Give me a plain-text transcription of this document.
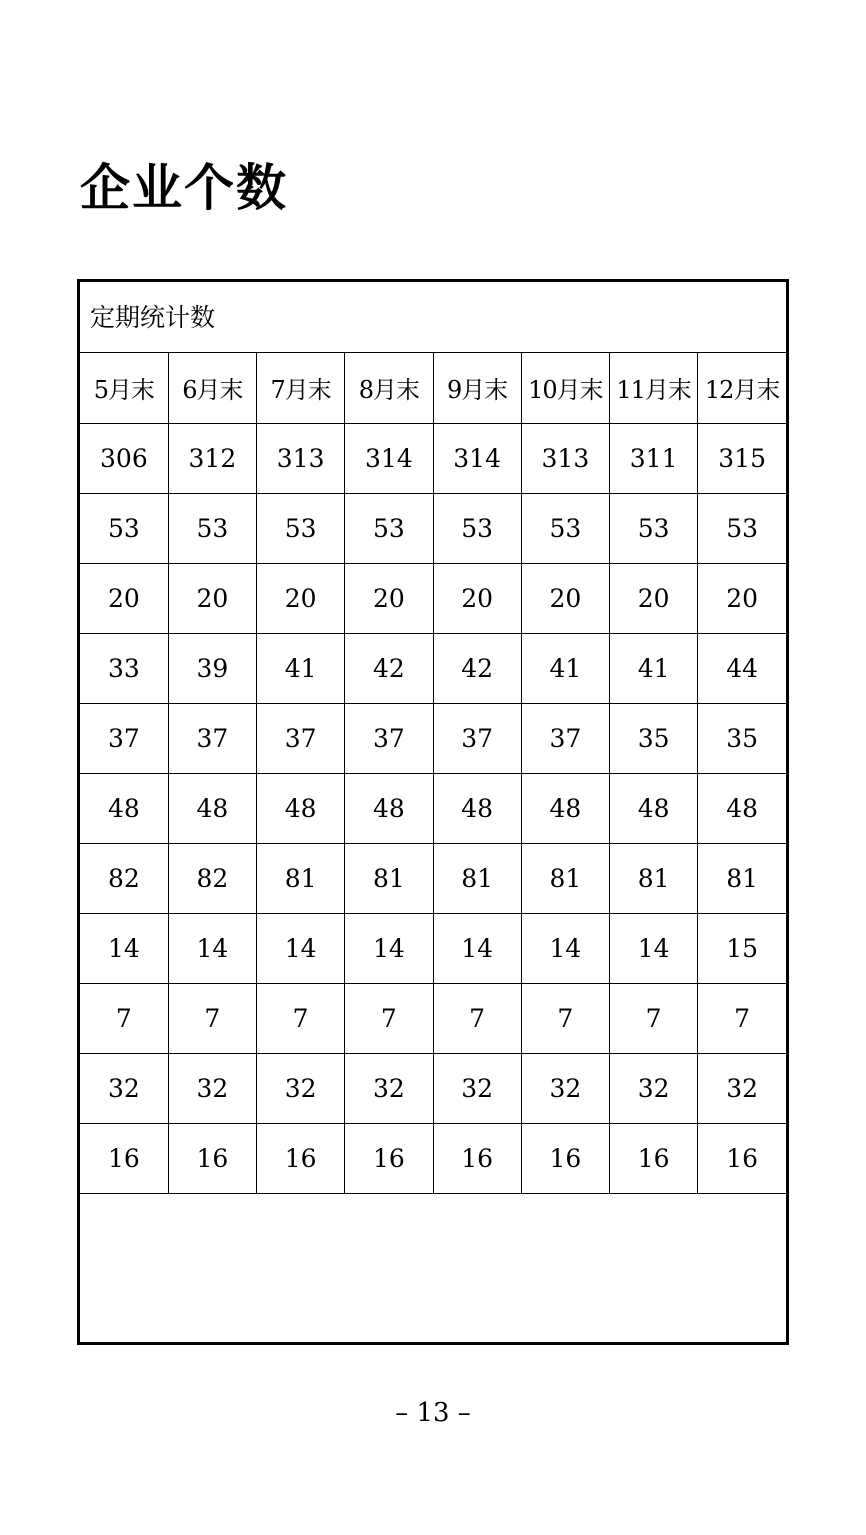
企业个数
定期统计数
5月末	6月末	7月末	8月末	9月末	10月末	11月末	12月末
306	312	313	314	314	313	311	315
53	53	53	53	53	53	53	53
20	20	20	20	20	20	20	20
33	39	41	42	42	41	41	44
37	37	37	37	37	37	35	35
48	48	48	48	48	48	48	48
82	82	81	81	81	81	81	81
14	14	14	14	14	14	14	15
7	7	7	7	7	7	7	7
32	32	32	32	32	32	32	32
16	16	16	16	16	16	16	16
– 13 –
